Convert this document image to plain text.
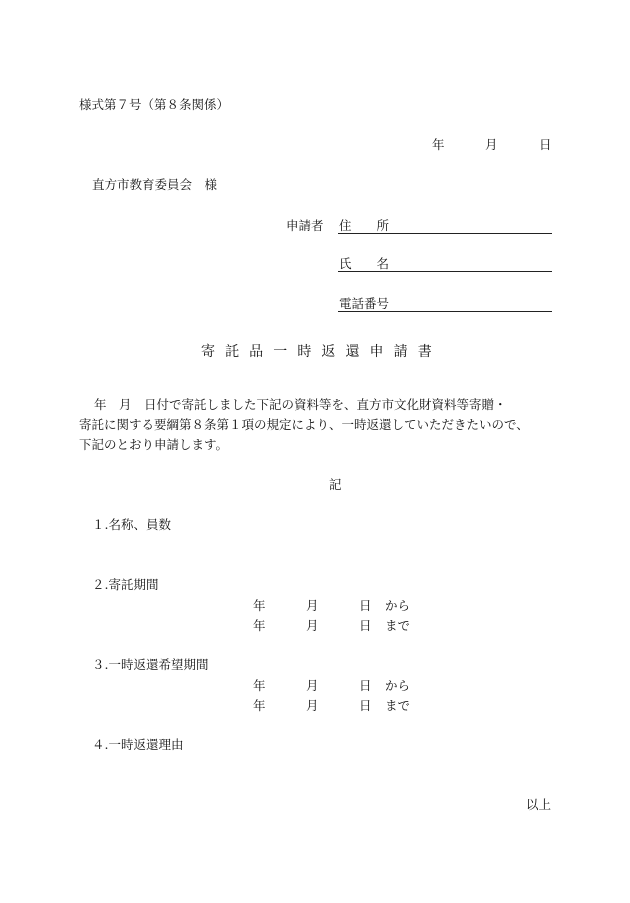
様式第７号（第８条関係）
年	月	日
直方市教育委員会　様
申請者 住　　所
氏　　名
電話番号
寄託品一時返還申請書
年　月　日付で寄託しました下記の資料等を、直方市文化財資料等寄贈・
寄託に関する要綱第８条第１項の規定により、一時返還していただきたいので、
下記のとおり申請します。
記
１.名称、員数
２.寄託期間
年	月	日 から
年	月	日 まで
３.一時返還希望期間
年	月	日 から
年	月	日 まで
４.一時返還理由
以上
